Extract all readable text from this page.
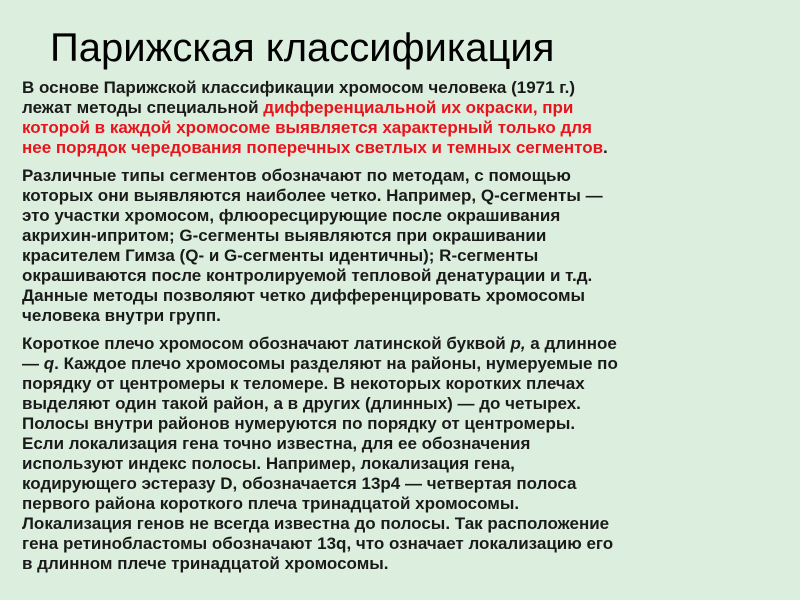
Парижская классификация

В основе Парижской классификации хромосом человека (1971 г.)
лежат методы специальной дифференциальной их окраски, при
которой в каждой хромосоме выявляется характерный только для
нее порядок чередования поперечных светлых и темных сегментов.

Различные типы сегментов обозначают по методам, с помощью
которых они выявляются наиболее четко. Например, Q-сегменты —
это участки хромосом, флюоресцирующие после окрашивания
акрихин-ипритом; G-сегменты выявляются при окрашивании
красителем Гимза (Q- и G-сегменты идентичны); R-сегменты
окрашиваются после контролируемой тепловой денатурации и т.д.
Данные методы позволяют четко дифференцировать хромосомы
человека внутри групп.

Короткое плечо хромосом обозначают латинской буквой р, а длинное
— q. Каждое плечо хромосомы разделяют на районы, нумеруемые по
порядку от центромеры к теломере. В некоторых коротких плечах
выделяют один такой район, а в других (длинных) — до четырех.
Полосы внутри районов нумеруются по порядку от центромеры.
Если локализация гена точно известна, для ее обозначения
используют индекс полосы. Например, локализация гена,
кодирующего эстеразу D, обозначается 13р4 — четвертая полоса
первого района короткого плеча тринадцатой хромосомы.
Локализация генов не всегда известна до полосы. Так расположение
гена ретинобластомы обозначают 13q, что означает локализацию его
в длинном плече тринадцатой хромосомы.
